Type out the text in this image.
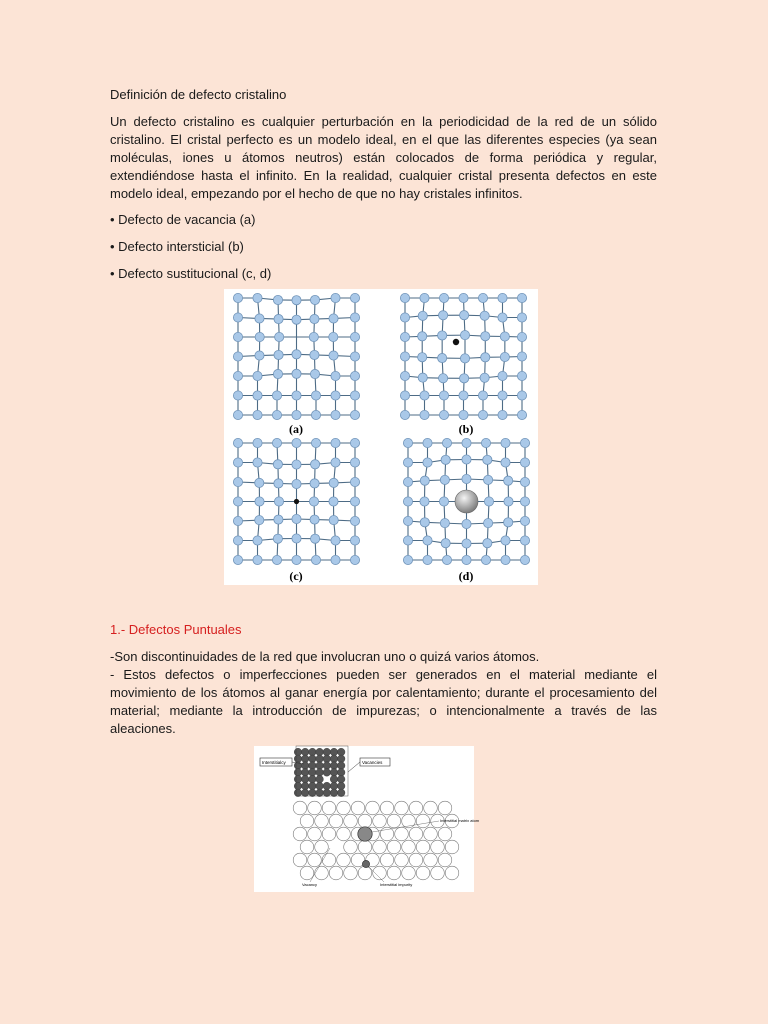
Definición de defecto cristalino
Un defecto cristalino es cualquier perturbación en la periodicidad de la red de un sólido cristalino. El cristal perfecto es un modelo ideal, en el que las diferentes especies (ya sean moléculas, iones u átomos neutros) están colocados de forma periódica y regular, extendiéndose hasta el infinito. En la realidad, cualquier cristal presenta defectos en este modelo ideal, empezando por el hecho de que no hay cristales infinitos.
• Defecto de vacancia (a)
• Defecto intersticial (b)
• Defecto sustitucional (c, d)
1.- Defectos Puntuales
-Son discontinuidades de la red que involucran uno o quizá varios átomos.
- Estos defectos o imperfecciones pueden ser generados en el material mediante el movimiento de los átomos al ganar energía por calentamiento; durante el procesamiento del material; mediante la introducción de impurezas; o intencionalmente a través de las aleaciones.
(a)	(b)
(c)	(d)
Interstitialcy	Vacancies
Interstitial matrix atom
Vacancy	Interstitial impurity
